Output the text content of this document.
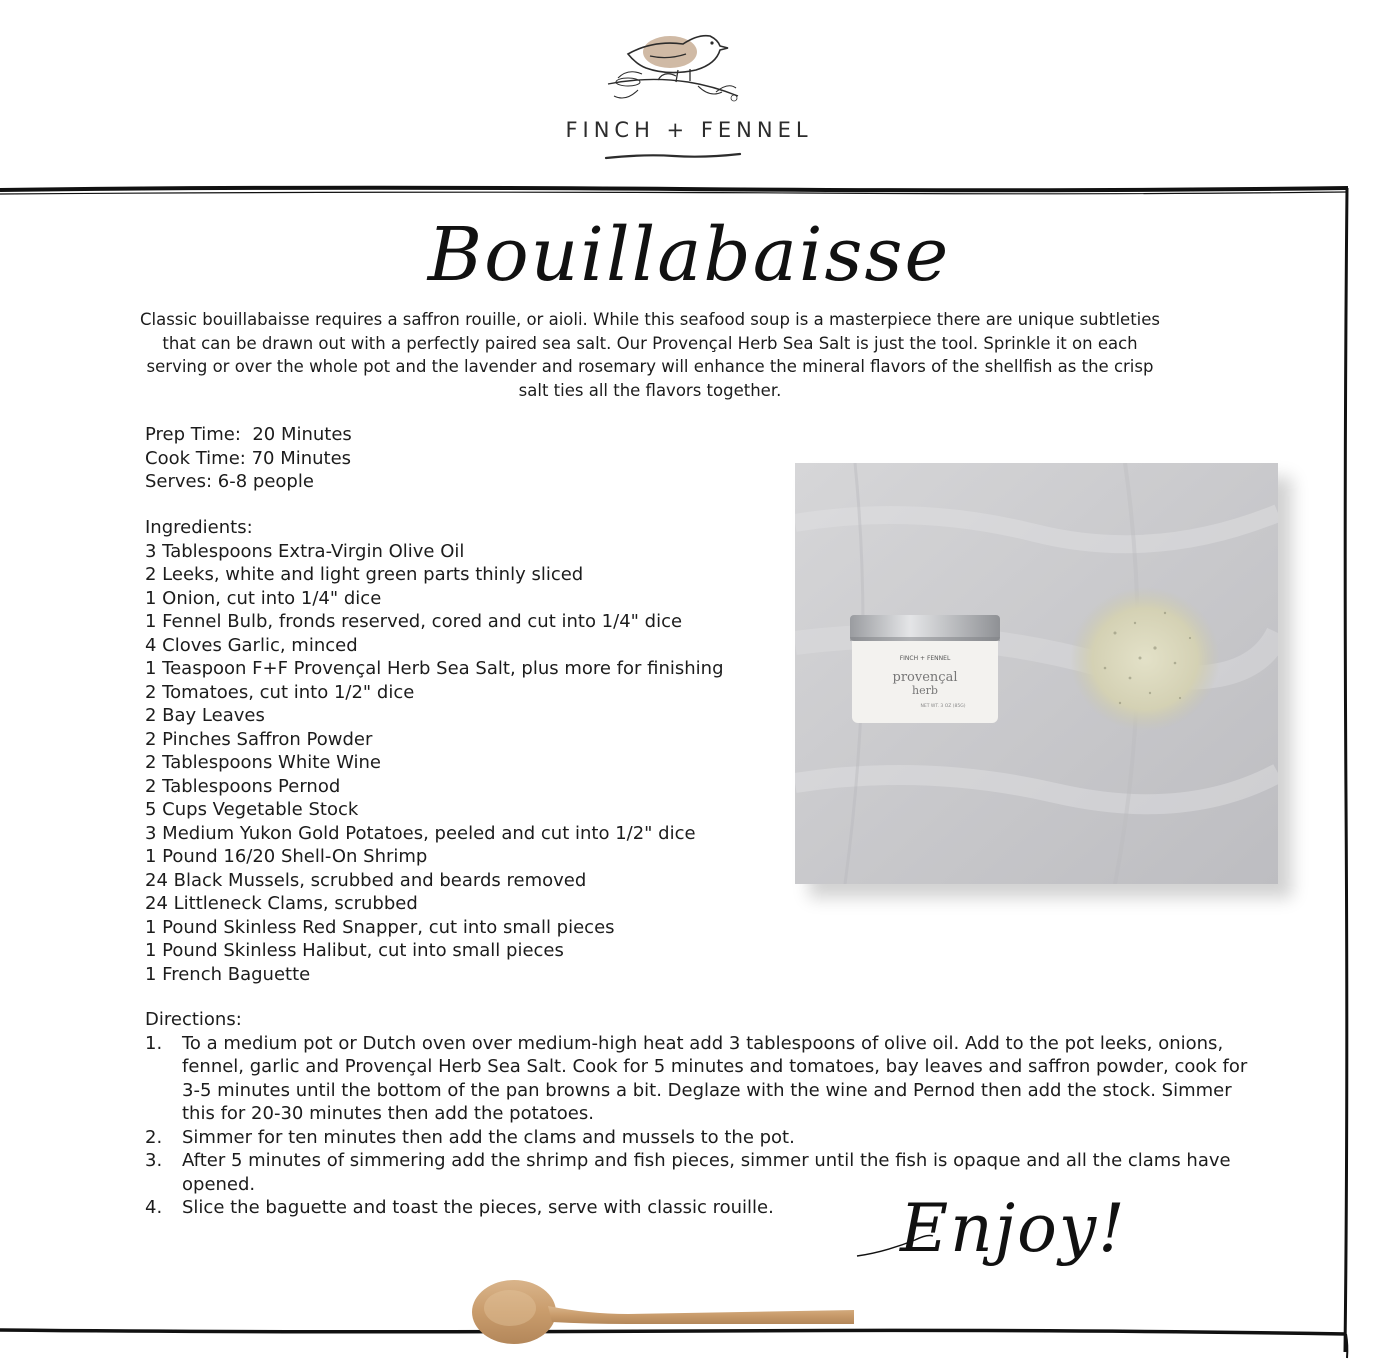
FINCH + FENNEL
Bouillabaisse
Classic bouillabaisse requires a saffron rouille, or aioli. While this seafood soup is a masterpiece there are unique subtleties that can be drawn out with a perfectly paired sea salt. Our Provençal Herb Sea Salt is just the tool. Sprinkle it on each serving or over the whole pot and the lavender and rosemary will enhance the mineral flavors of the shellfish as the crisp salt ties all the flavors together.
Prep Time:  20 Minutes
Cook Time: 70 Minutes
Serves: 6-8 people
Ingredients:
3 Tablespoons Extra-Virgin Olive Oil
2 Leeks, white and light green parts thinly sliced
1 Onion, cut into 1/4" dice
1 Fennel Bulb, fronds reserved, cored and cut into 1/4" dice
4 Cloves Garlic, minced
1 Teaspoon F+F Provençal Herb Sea Salt, plus more for finishing
2 Tomatoes, cut into 1/2" dice
2 Bay Leaves
2 Pinches Saffron Powder
2 Tablespoons White Wine
2 Tablespoons Pernod
5 Cups Vegetable Stock
3 Medium Yukon Gold Potatoes, peeled and cut into 1/2" dice
1 Pound 16/20 Shell-On Shrimp
24 Black Mussels, scrubbed and beards removed
24 Littleneck Clams, scrubbed
1 Pound Skinless Red Snapper, cut into small pieces
1 Pound Skinless Halibut, cut into small pieces
1 French Baguette
FINCH + FENNEL
provençal
herb
NET WT. 3 OZ (85G)
Directions:
1. To a medium pot or Dutch oven over medium-high heat add 3 tablespoons of olive oil. Add to the pot leeks, onions, fennel, garlic and Provençal Herb Sea Salt. Cook for 5 minutes and tomatoes, bay leaves and saffron powder, cook for 3-5 minutes until the bottom of the pan browns a bit. Deglaze with the wine and Pernod then add the stock. Simmer this for 20-30 minutes then add the potatoes.
2. Simmer for ten minutes then add the clams and mussels to the pot.
3. After 5 minutes of simmering add the shrimp and fish pieces, simmer until the fish is opaque and all the clams have opened.
4. Slice the baguette and toast the pieces, serve with classic rouille.	Enjoy!
